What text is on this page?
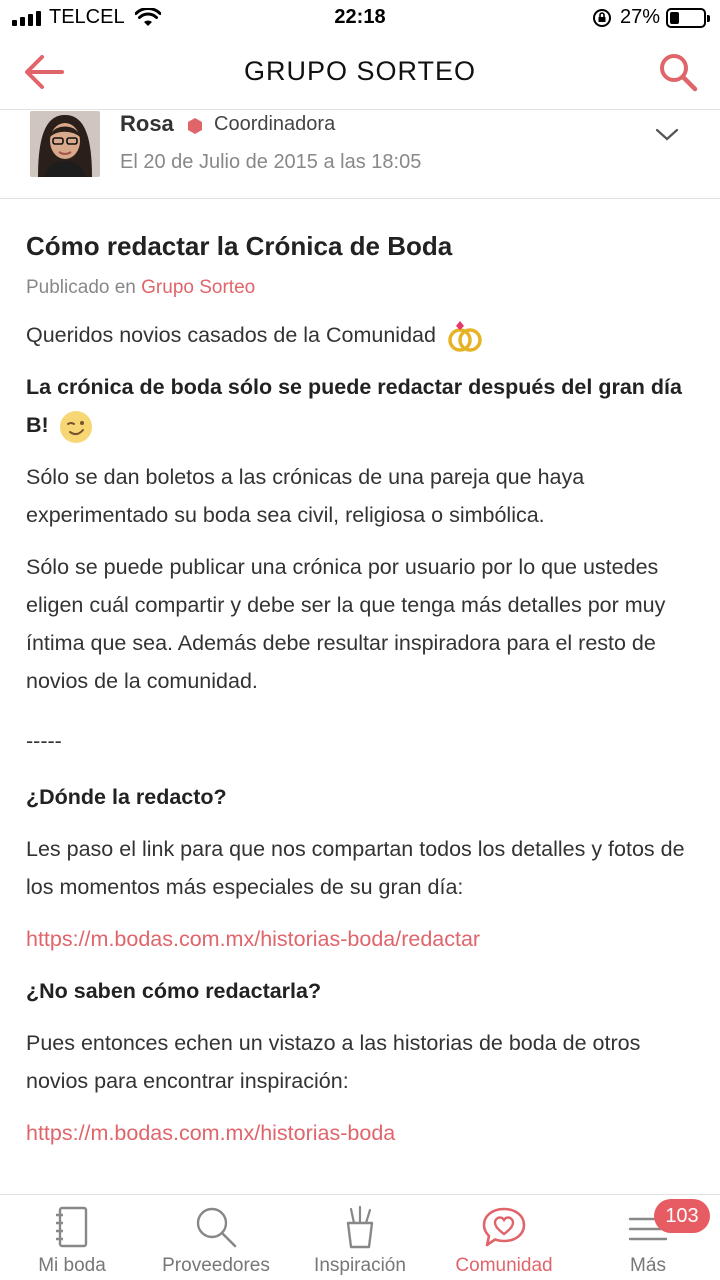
TELCEL	22:18	27%
GRUPO SORTEO
Rosa Coordinadora
El 20 de Julio de 2015 a las 18:05
Cómo redactar la Crónica de Boda
Publicado en Grupo Sorteo
Queridos novios casados de la Comunidad
La crónica de boda sólo se puede redactar después del gran día B!
Sólo se dan boletos a las crónicas de una pareja que haya experimentado su boda sea civil, religiosa o simbólica.
Sólo se puede publicar una crónica por usuario por lo que ustedes eligen cuál compartir y debe ser la que tenga más detalles por muy íntima que sea. Además debe resultar inspiradora para el resto de novios de la comunidad.
-----
¿Dónde la redacto?
Les paso el link para que nos compartan todos los detalles y fotos de los momentos más especiales de su gran día:
https://m.bodas.com.mx/historias-boda/redactar
¿No saben cómo redactarla?
Pues entonces echen un vistazo a las historias de boda de otros novios para encontrar inspiración:
https://m.bodas.com.mx/historias-boda
Mi boda	Proveedores	Inspiración	Comunidad
103
Más
